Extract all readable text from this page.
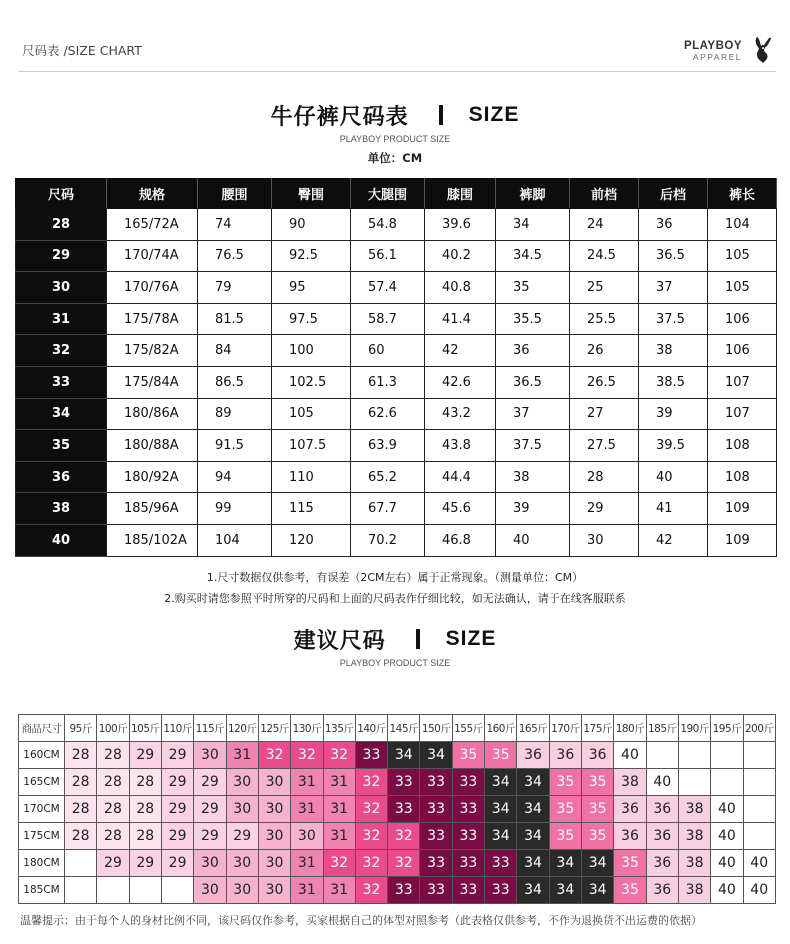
尺码表 /SIZE CHART	PLAYBOY
APPAREL
牛仔裤尺码表	SIZE
PLAYBOY PRODUCT SIZE
单位：CM
尺码	规格	腰围	臀围	大腿围	膝围	裤脚	前档	后档	裤长
28	165/72A	74	90	54.8	39.6	34	24	36	104
29	170/74A	76.5	92.5	56.1	40.2	34.5	24.5	36.5	105
30	170/76A	79	95	57.4	40.8	35	25	37	105
31	175/78A	81.5	97.5	58.7	41.4	35.5	25.5	37.5	106
32	175/82A	84	100	60	42	36	26	38	106
33	175/84A	86.5	102.5	61.3	42.6	36.5	26.5	38.5	107
34	180/86A	89	105	62.6	43.2	37	27	39	107
35	180/88A	91.5	107.5	63.9	43.8	37.5	27.5	39.5	108
36	180/92A	94	110	65.2	44.4	38	28	40	108
38	185/96A	99	115	67.7	45.6	39	29	41	109
40	185/102A	104	120	70.2	46.8	40	30	42	109
1.尺寸数据仅供参考，有误差（2CM左右）属于正常现象。（测量单位：CM）
2.购买时请您参照平时所穿的尺码和上面的尺码表作仔细比较，如无法确认，请于在线客服联系
建议尺码	SIZE
PLAYBOY PRODUCT SIZE
商品尺寸	95斤	100斤	105斤	110斤	115斤	120斤	125斤	130斤	135斤	140斤	145斤	150斤	155斤	160斤	165斤	170斤	175斤	180斤	185斤	190斤	195斤	200斤
160CM	28	28	29	29	30	31	32	32	32	33	34	34	35	35	36	36	36	40				
165CM	28	28	28	29	29	30	30	31	31	32	33	33	33	34	34	35	35	38	40			
170CM	28	28	28	29	29	30	30	31	31	32	33	33	33	34	34	35	35	36	36	38	40	
175CM	28	28	28	29	29	29	30	30	31	32	32	33	33	34	34	35	35	36	36	38	40	
180CM		29	29	29	30	30	30	31	32	32	32	33	33	33	34	34	34	35	36	38	40	40
185CM					30	30	30	31	31	32	33	33	33	33	34	34	34	35	36	38	40	40
温馨提示：由于每个人的身材比例不同，该尺码仅作参考，买家根据自己的体型对照参考（此表格仅供参考，不作为退换货不出运费的依据）
